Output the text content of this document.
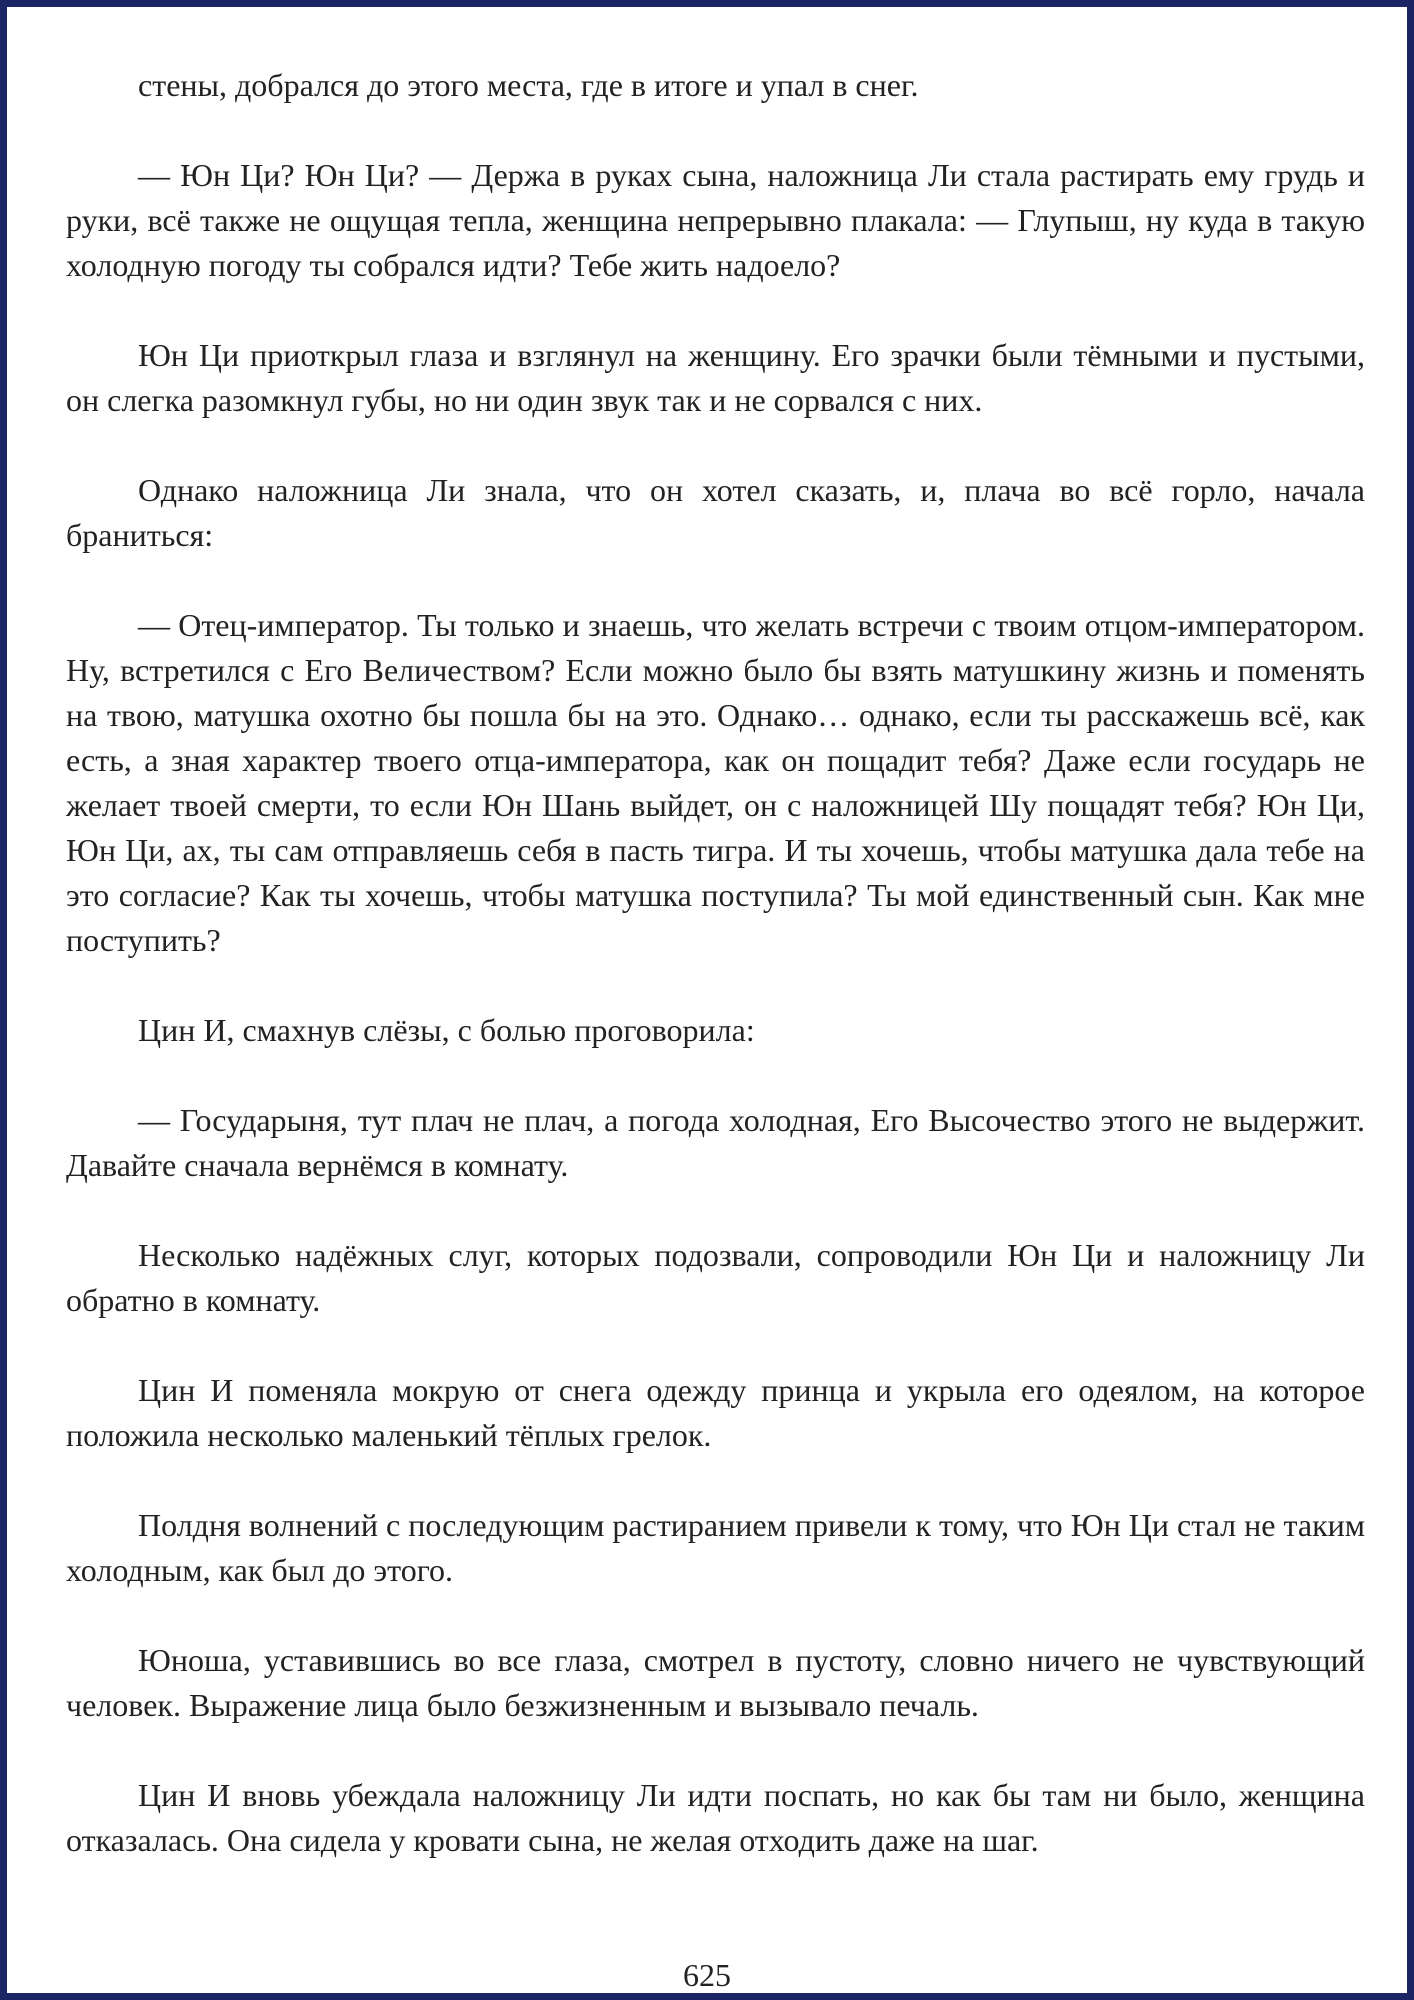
стены, добрался до этого места, где в итоге и упал в снег.

— Юн Ци? Юн Ци? — Держа в руках сына, наложница Ли стала растирать ему грудь и руки, всё также не ощущая тепла, женщина непрерывно плакала: — Глупыш, ну куда в такую холодную погоду ты собрался идти? Тебе жить надоело?

Юн Ци приоткрыл глаза и взглянул на женщину. Его зрачки были тёмными и пустыми, он слегка разомкнул губы, но ни один звук так и не сорвался с них.

Однако наложница Ли знала, что он хотел сказать, и, плача во всё горло, начала браниться:

— Отец-император. Ты только и знаешь, что желать встречи с твоим отцом-императором. Ну, встретился с Его Величеством? Если можно было бы взять матушкину жизнь и поменять на твою, матушка охотно бы пошла бы на это. Однако… однако, если ты расскажешь всё, как есть, а зная характер твоего отца-императора, как он пощадит тебя? Даже если государь не желает твоей смерти, то если Юн Шань выйдет, он с наложницей Шу пощадят тебя? Юн Ци, Юн Ци, ах, ты сам отправляешь себя в пасть тигра. И ты хочешь, чтобы матушка дала тебе на это согласие? Как ты хочешь, чтобы матушка поступила? Ты мой единственный сын. Как мне поступить?

Цин И, смахнув слёзы, с болью проговорила:

— Государыня, тут плач не плач, а погода холодная, Его Высочество этого не выдержит. Давайте сначала вернёмся в комнату.

Несколько надёжных слуг, которых подозвали, сопроводили Юн Ци и наложницу Ли обратно в комнату.

Цин И поменяла мокрую от снега одежду принца и укрыла его одеялом, на которое положила несколько маленький тёплых грелок.

Полдня волнений с последующим растиранием привели к тому, что Юн Ци стал не таким холодным, как был до этого.

Юноша, уставившись во все глаза, смотрел в пустоту, словно ничего не чувствующий человек. Выражение лица было безжизненным и вызывало печаль.

Цин И вновь убеждала наложницу Ли идти поспать, но как бы там ни было, женщина отказалась. Она сидела у кровати сына, не желая отходить даже на шаг.

625
